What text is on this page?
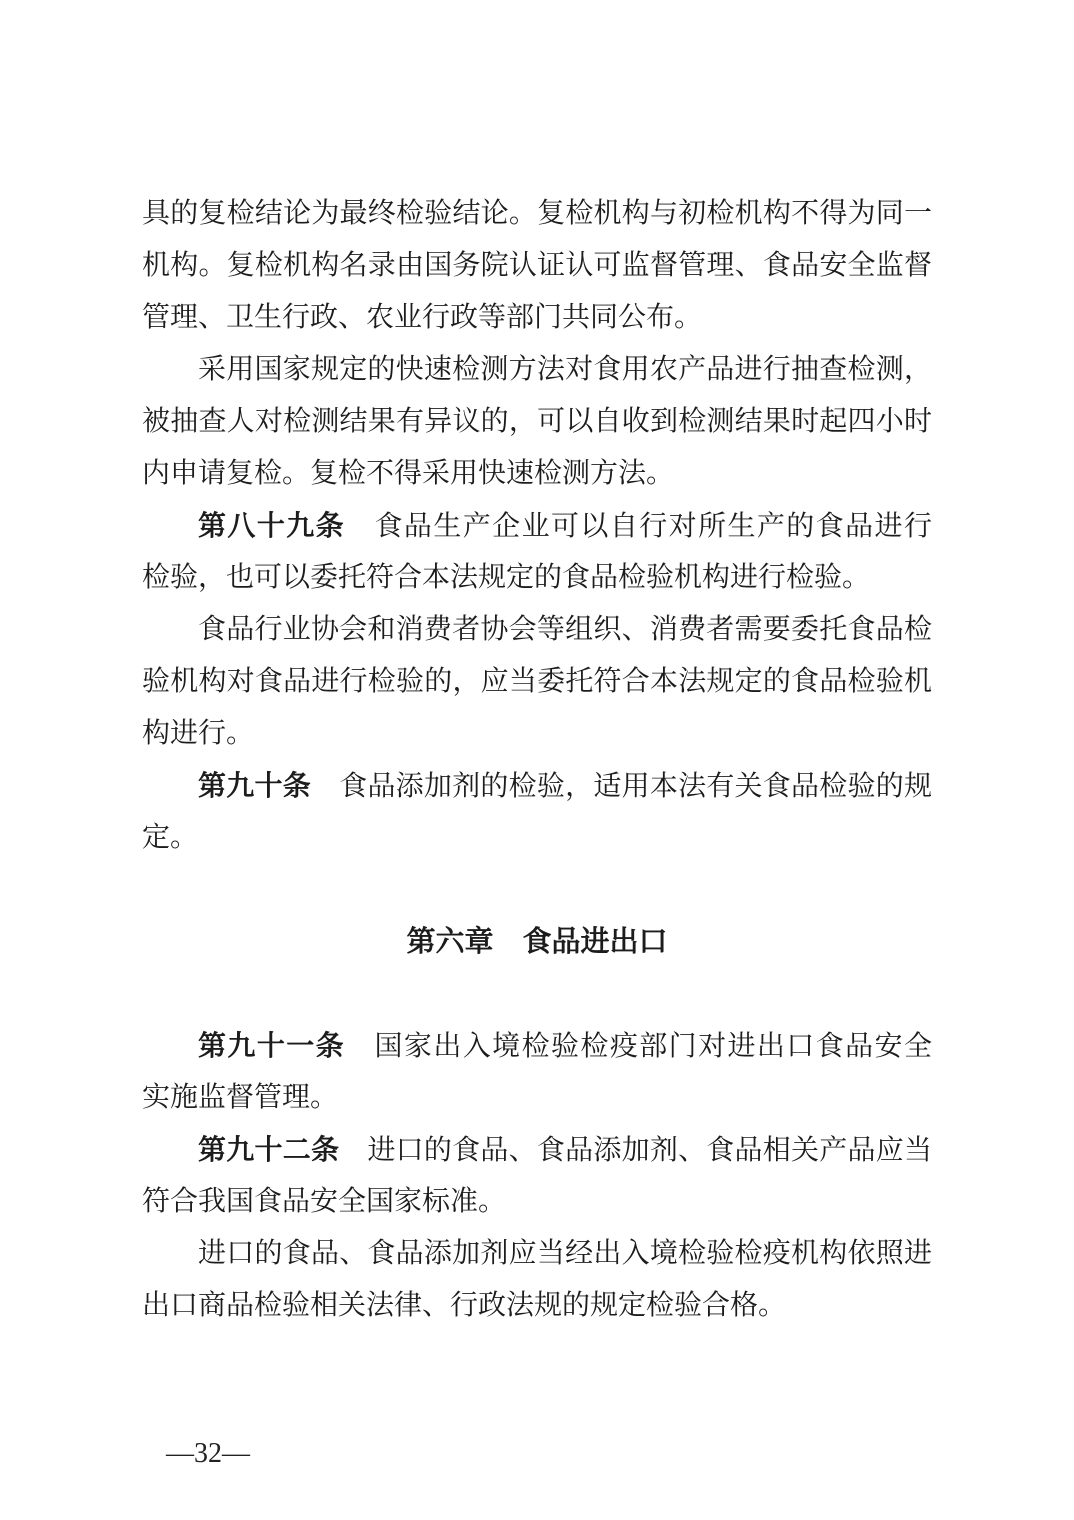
具的复检结论为最终检验结论。复检机构与初检机构不得为同一
机构。复检机构名录由国务院认证认可监督管理、食品安全监督
管理、卫生行政、农业行政等部门共同公布。
采用国家规定的快速检测方法对食用农产品进行抽查检测，
被抽查人对检测结果有异议的，可以自收到检测结果时起四小时
内申请复检。复检不得采用快速检测方法。
第八十九条　食品生产企业可以自行对所生产的食品进行
检验，也可以委托符合本法规定的食品检验机构进行检验。
食品行业协会和消费者协会等组织、消费者需要委托食品检
验机构对食品进行检验的，应当委托符合本法规定的食品检验机
构进行。
第九十条　食品添加剂的检验，适用本法有关食品检验的规
定。
第六章　食品进出口
第九十一条　国家出入境检验检疫部门对进出口食品安全
实施监督管理。
第九十二条　进口的食品、食品添加剂、食品相关产品应当
符合我国食品安全国家标准。
进口的食品、食品添加剂应当经出入境检验检疫机构依照进
出口商品检验相关法律、行政法规的规定检验合格。
—32—
